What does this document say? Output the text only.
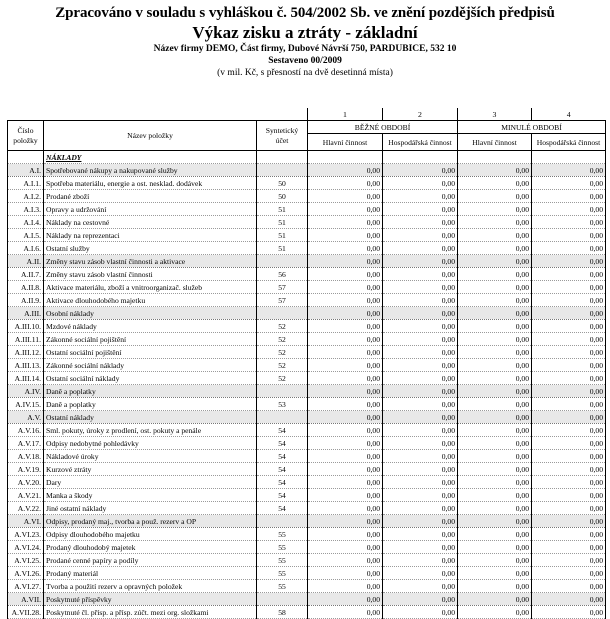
Zpracováno v souladu s vyhláškou č. 504/2002 Sb. ve znění pozdějších předpisů
Výkaz zisku a ztráty - základní
Název firmy DEMO, Část firmy, Dubové Návrší 750, PARDUBICE, 532 10
Sestaveno 00/2009
(v mil. Kč, s přesností na dvě desetinná místa)
			1	2	3	4
Číslo položky	Název položky	Syntetický účet	BĚŽNÉ OBDOBÍ		MINULÉ OBDOBÍ	
			Hlavní činnost	Hospodářská činnost	Hlavní činnost	Hospodářská činnost
	NÁKLADY					
A.I.	Spotřebované nákupy a nakupované služby		0,00	0,00	0,00	0,00
A.I.1.	Spotřeba materiálu, energie a ost. nesklad. dodávek	50	0,00	0,00	0,00	0,00
A.I.2.	Prodané zboží	50	0,00	0,00	0,00	0,00
A.I.3.	Opravy a udržování	51	0,00	0,00	0,00	0,00
A.I.4.	Náklady na cestovné	51	0,00	0,00	0,00	0,00
A.I.5.	Náklady na reprezentaci	51	0,00	0,00	0,00	0,00
A.I.6.	Ostatní služby	51	0,00	0,00	0,00	0,00
A.II.	Změny stavu zásob vlastní činnosti a aktivace		0,00	0,00	0,00	0,00
A.II.7.	Změny stavu zásob vlastní činnosti	56	0,00	0,00	0,00	0,00
A.II.8.	Aktivace materiálu, zboží a vnitroorganizač. služeb	57	0,00	0,00	0,00	0,00
A.II.9.	Aktivace dlouhodobého majetku	57	0,00	0,00	0,00	0,00
A.III.	Osobní náklady		0,00	0,00	0,00	0,00
A.III.10.	Mzdové náklady	52	0,00	0,00	0,00	0,00
A.III.11.	Zákonné sociální pojištění	52	0,00	0,00	0,00	0,00
A.III.12.	Ostatní sociální pojištění	52	0,00	0,00	0,00	0,00
A.III.13.	Zákonné sociální náklady	52	0,00	0,00	0,00	0,00
A.III.14.	Ostatní sociální náklady	52	0,00	0,00	0,00	0,00
A.IV.	Daně a poplatky		0,00	0,00	0,00	0,00
A.IV.15.	Daně a poplatky	53	0,00	0,00	0,00	0,00
A.V.	Ostatní náklady		0,00	0,00	0,00	0,00
A.V.16.	Sml. pokuty, úroky z prodlení, ost. pokuty a penále	54	0,00	0,00	0,00	0,00
A.V.17.	Odpisy nedobytné pohledávky	54	0,00	0,00	0,00	0,00
A.V.18.	Nákladové úroky	54	0,00	0,00	0,00	0,00
A.V.19.	Kurzové ztráty	54	0,00	0,00	0,00	0,00
A.V.20.	Dary	54	0,00	0,00	0,00	0,00
A.V.21.	Manka a škody	54	0,00	0,00	0,00	0,00
A.V.22.	Jiné ostatní náklady	54	0,00	0,00	0,00	0,00
A.VI.	Odpisy, prodaný maj., tvorba a použ. rezerv a OP		0,00	0,00	0,00	0,00
A.VI.23.	Odpisy dlouhodobého majetku	55	0,00	0,00	0,00	0,00
A.VI.24.	Prodaný dlouhodobý majetek	55	0,00	0,00	0,00	0,00
A.VI.25.	Prodané cenné papíry a podíly	55	0,00	0,00	0,00	0,00
A.VI.26.	Prodaný materiál	55	0,00	0,00	0,00	0,00
A.VI.27.	Tvorba a použití rezerv a opravných položek	55	0,00	0,00	0,00	0,00
A.VII.	Poskytnuté příspěvky		0,00	0,00	0,00	0,00
A.VII.28.	Poskytnuté čl. přísp. a přísp. zúčt. mezi org. složkami	58	0,00	0,00	0,00	0,00
